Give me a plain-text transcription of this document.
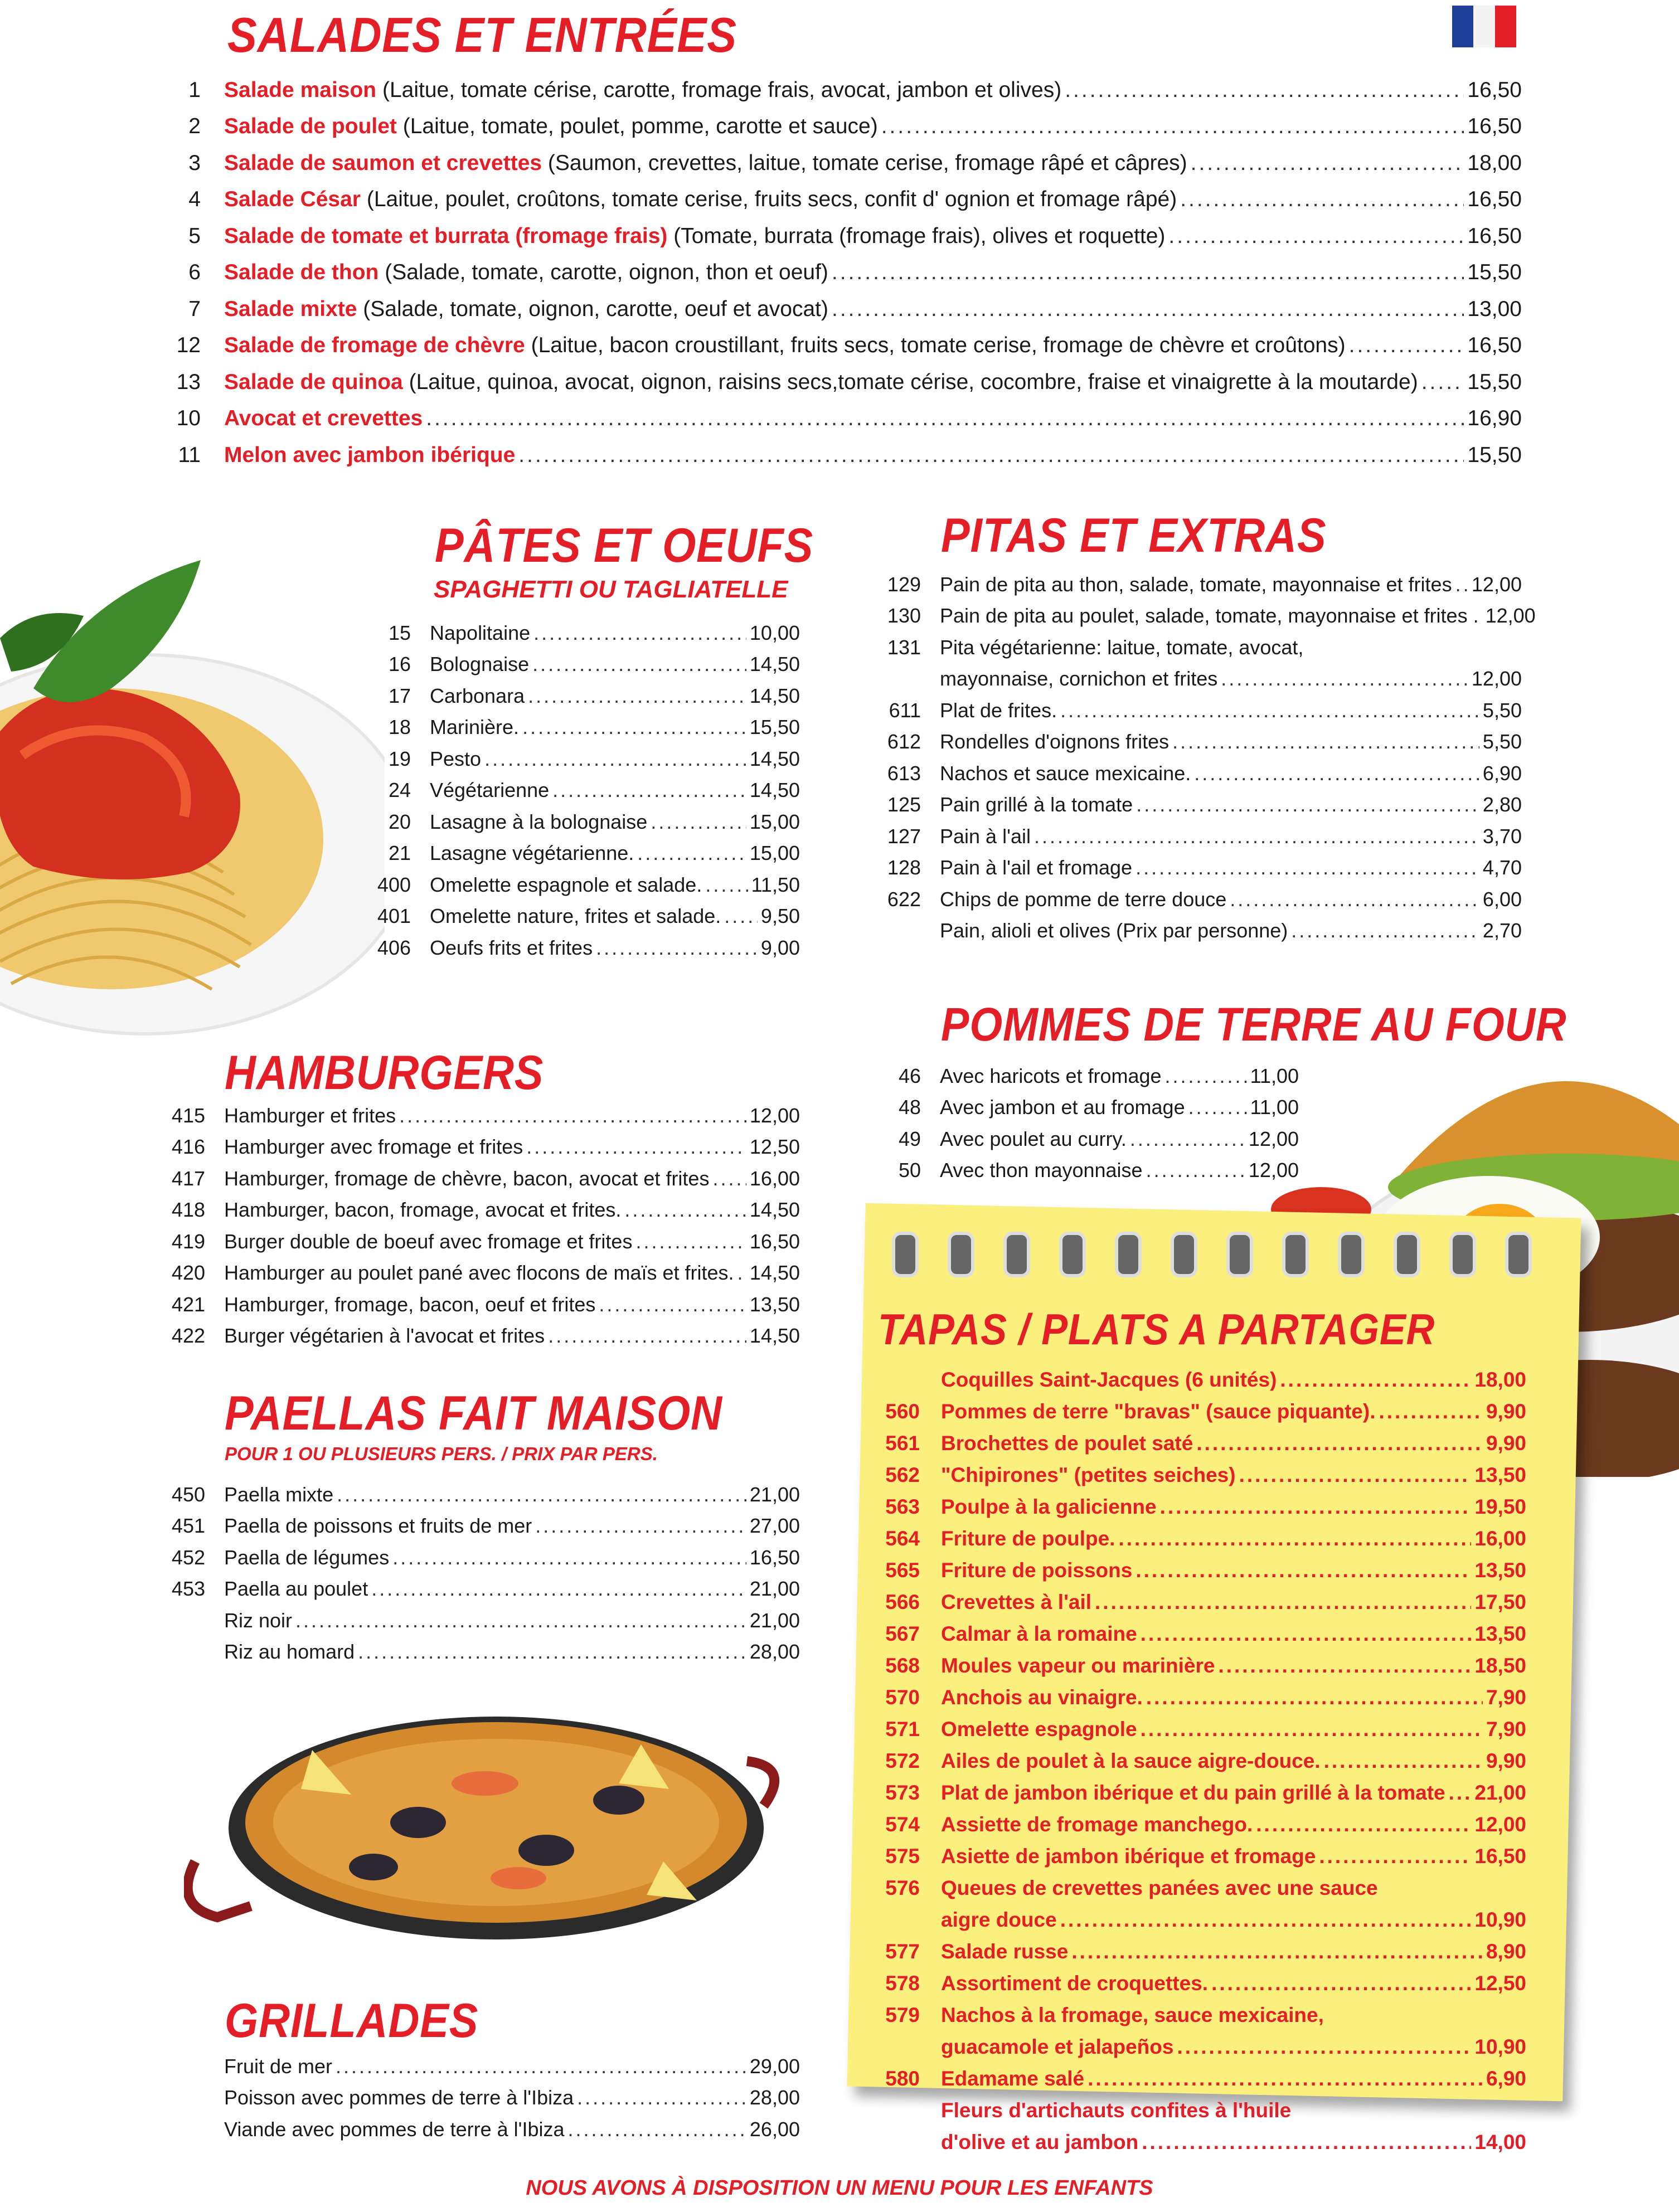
SALADES ET ENTRÉES
PÂTES ET OEUFS
SPAGHETTI OU TAGLIATELLE
PITAS ET EXTRAS
POMMES DE TERRE AU FOUR
HAMBURGERS
PAELLAS FAIT MAISON
POUR 1 OU PLUSIEURS PERS. / PRIX PAR PERS.
GRILLADES
1	Salade maison (Laitue, tomate cérise, carotte, fromage frais, avocat, jambon et olives) .....	16,50
2	Salade de poulet (Laitue, tomate, poulet, pomme, carotte et sauce) .....	16,50
3	Salade de saumon et crevettes (Saumon, crevettes, laitue, tomate cerise, fromage râpé et câpres) .....	18,00
4	Salade César (Laitue, poulet, croûtons, tomate cerise, fruits secs, confit d' ognion et fromage râpé) .....	16,50
5	Salade de tomate et burrata (fromage frais) (Tomate, burrata (fromage frais), olives et roquette) .....	16,50
6	Salade de thon (Salade, tomate, carotte, oignon, thon et oeuf) .....	15,50
7	Salade mixte (Salade, tomate, oignon, carotte, oeuf et avocat) .....	13,00
12	Salade de fromage de chèvre (Laitue, bacon croustillant, fruits secs, tomate cerise, fromage de chèvre et croûtons) .....	16,50
13	Salade de quinoa (Laitue, quinoa, avocat, oignon, raisins secs,tomate cérise, cocombre, fraise et vinaigrette à la moutarde) ..... 15,50
10	Avocat et crevettes .....	16,90
11	Melon avec jambon ibérique .....	15,50
15 Napolitaine .....	10,00
16 Bolognaise .....	14,50
17 Carbonara .....	14,50
18 Marinière. .....	15,50
19 Pesto .....	14,50
24 Végétarienne .....	14,50
20 Lasagne à la bolognaise .....	15,00
21 Lasagne végétarienne. .....	15,00
400 Omelette espagnole et salade. ..... 11,50
401 Omelette nature, frites et salade. ..... 9,50
406 Oeufs frits et frites .....	9,00
129 Pain de pita au thon, salade, tomate, mayonnaise et frites ..... 12,00
130 Pain de pita au poulet, salade, tomate, mayonnaise et frites . 12,00
131 Pita végétarienne: laitue, tomate, avocat,
mayonnaise, cornichon et frites .....	12,00
611 Plat de frites. .....	5,50
612 Rondelles d'oignons frites .....	5,50
613 Nachos et sauce mexicaine. .....	6,90
125 Pain grillé à la tomate .....	2,80
127 Pain à l'ail .....	3,70
128 Pain à l'ail et fromage .....	4,70
622 Chips de pomme de terre douce .....	6,00
Pain, alioli et olives (Prix par personne) .....	2,70
46 Avec haricots et fromage .....	11,00
48 Avec jambon et au fromage .....	11,00
49 Avec poulet au curry. .....	12,00
50 Avec thon mayonnaise .....	12,00
415 Hamburger et frites .....	12,00
416 Hamburger avec fromage et frites .....	12,50
417 Hamburger, fromage de chèvre, bacon, avocat et frites ..... 16,00
418 Hamburger, bacon, fromage, avocat et frites. .....	14,50
419 Burger double de boeuf avec fromage et frites .....	16,50
420 Hamburger au poulet pané avec flocons de maïs et frites. ..... 14,50
421 Hamburger, fromage, bacon, oeuf et frites .....	13,50
422 Burger végétarien à l'avocat et frites .....	14,50
450 Paella mixte .....	21,00
451 Paella de poissons et fruits de mer .....	27,00
452 Paella de légumes .....	16,50
453 Paella au poulet .....	21,00
Riz noir .....	21,00
Riz au homard .....	28,00
Fruit de mer .....	29,00
Poisson avec pommes de terre à l'Ibiza .....	28,00
Viande avec pommes de terre à l'Ibiza .....	26,00
TAPAS / PLATS A PARTAGER
Coquilles Saint-Jacques (6 unités) .....	18,00
560	Pommes de terre "bravas" (sauce piquante). .....	9,90
561	Brochettes de poulet saté .....	9,90
562	"Chipirones" (petites seiches) .....	13,50
563	Poulpe à la galicienne .....	19,50
564	Friture de poulpe. .....	16,00
565	Friture de poissons .....	13,50
566	Crevettes à l'ail .....	17,50
567	Calmar à la romaine .....	13,50
568	Moules vapeur ou marinière .....	18,50
570	Anchois au vinaigre. .....	7,90
571	Omelette espagnole .....	7,90
572	Ailes de poulet à la sauce aigre-douce. .....	9,90
573	Plat de jambon ibérique et du pain grillé à la tomate ..... 21,00
574	Assiette de fromage manchego. .....	12,00
575	Asiette de jambon ibérique et fromage .....	16,50
576	Queues de crevettes panées avec une sauce
aigre douce .....	10,90
577	Salade russe .....	8,90
578	Assortiment de croquettes. .....	12,50
579	Nachos à la fromage, sauce mexicaine,
guacamole et jalapeños .....	10,90
580	Edamame salé .....	6,90
Fleurs d'artichauts confites à l'huile
d'olive et au jambon .....	14,00
NOUS AVONS À DISPOSITION UN MENU POUR LES ENFANTS
